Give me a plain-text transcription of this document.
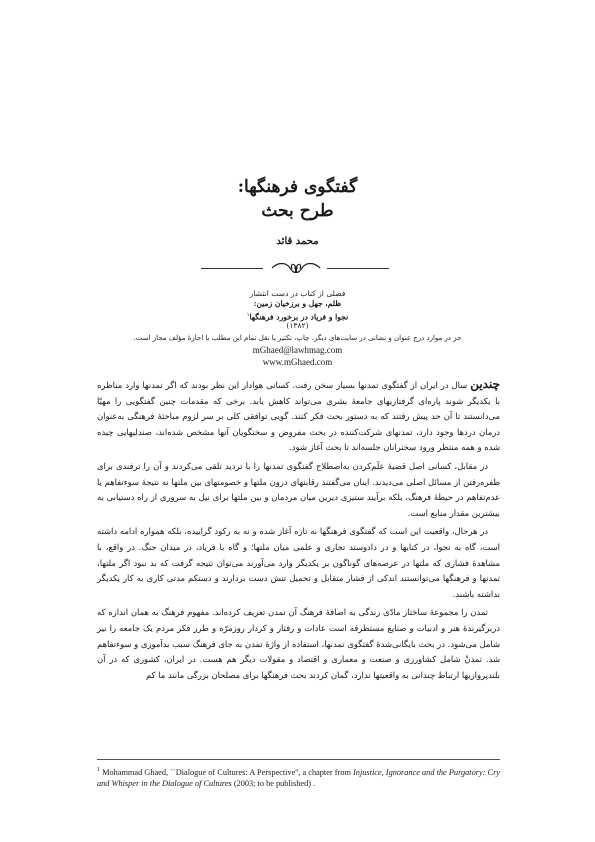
گفتگوی فرهنگها:
طرح بحث
محمد قائد
فصلی از کتاب در دست انتشار
ظلم، جهل و برزخیان زمین:
نجوا و فریاد در برخورد فرهنگها$^١$
(١٣٨٢)
جز در موارد درج عنوان و نشانی در سایت‌های دیگر، چاپ، تکثیر یا نقل تمام این مطلب با اجازهٔ مؤلف مجاز است.
mGhaed@lawhmag.com
www.mGhaed.com

چندین سال در ایران از گفتگوی تمدنها بسیار سخن رفت. کسانی هوادار این نظر بودند که اگر تمدنها وارد مناظره با یکدیگر شوند پاره‌ای گرفتاریهای جامعهٔ بشری می‌تواند کاهش یابد. برخی که مقدمات چنین گفتگویی را مهیّا می‌دانستند تا آن حد پیش رفتند که به دستور بحث فکر کنند. گویی توافقی کلی بر سر لزوم مباحثهٔ فرهنگی به‌عنوان درمان دردها وجود دارد، تمدنهای شرکت‌کننده در بحث مفروض و سخنگویان آنها مشخص شده‌اند، صندلیهایی چیده شده و همه منتظر ورود سخنرانان جلسه‌اند تا بحث آغاز شود.

در مقابل، کسانی اصل قضیهٔ علَم‌کردن به‌اصطلاح گفتگوی تمدنها را با تردید تلقی می‌کردند و آن را ترفندی برای طفره‌رفتن از مسائل اصلی می‌دیدند. اینان می‌گفتند رقابتهای درون ملتها و خصومتهای بین ملتها نه نتیجهٔ سوءتفاهم یا عدم‌تفاهم در حیطهٔ فرهنگ، بلکه برآیند ستیزی دیرین میان مردمان و بین ملتها برای نیل به سروری از راه دستیابی به بیشترین مقدار منابع است.

در هرحال، واقعیت این است که گفتگوی فرهنگها نه تازه آغاز شده و نه به رکود گراییده، بلکه همواره ادامه داشته است، گاه به نجوا، در کتابها و در دادوستد تجاری و علمی میان ملتها؛ و گاه با فریاد، در میدان جنگ. در واقع، با مشاهدهٔ فشاری که ملتها در عرصه‌های گوناگون بر یکدیگر وارد می‌آورند می‌توان نتیجه گرفت که بد نبود اگر ملتها، تمدنها و فرهنگها می‌توانستند اندکی از فشار متقابل و تحمیل تنش دست بردارند و دستکم مدتی کاری به کار یکدیگر نداشته باشند.

تمدن را مجموعهٔ ساختار مادّی زندگی به اضافهٔ فرهنگ آن تمدن تعریف کرده‌اند. مفهوم فرهنگ به همان اندازه که دربرگیرندهٔ هنر و ادبیات و صنایع مستظرفه است عادات و رفتار و کردار روزمرّه و طرز فکر مردم یک جامعه را نیز شامل می‌شود. در بحث بایگانی‌شدهٔ گفتگوی تمدنها، استفاده از واژهٔ تمدن به جای فرهنگ سبب بدآموزی و سوءتفاهم شد. تمدنْ شامل کشاورزی و صنعت و معماری و اقتصاد و مقولات دیگر هم هست. در ایران، کشوری که در آن بلندپروازیها ارتباط چندانی به واقعیتها ندارد، گمان کردند بحث فرهنگها برای مصلحان بزرگی مانند ما کم

$^1$ Mohammad Ghaed, ``Dialogue of Cultures: A Perspective'', a chapter from Injustice, Ignorance and the Purgatory: Cry and Whisper in the Dialogue of Cultures (2003; to be published) .
